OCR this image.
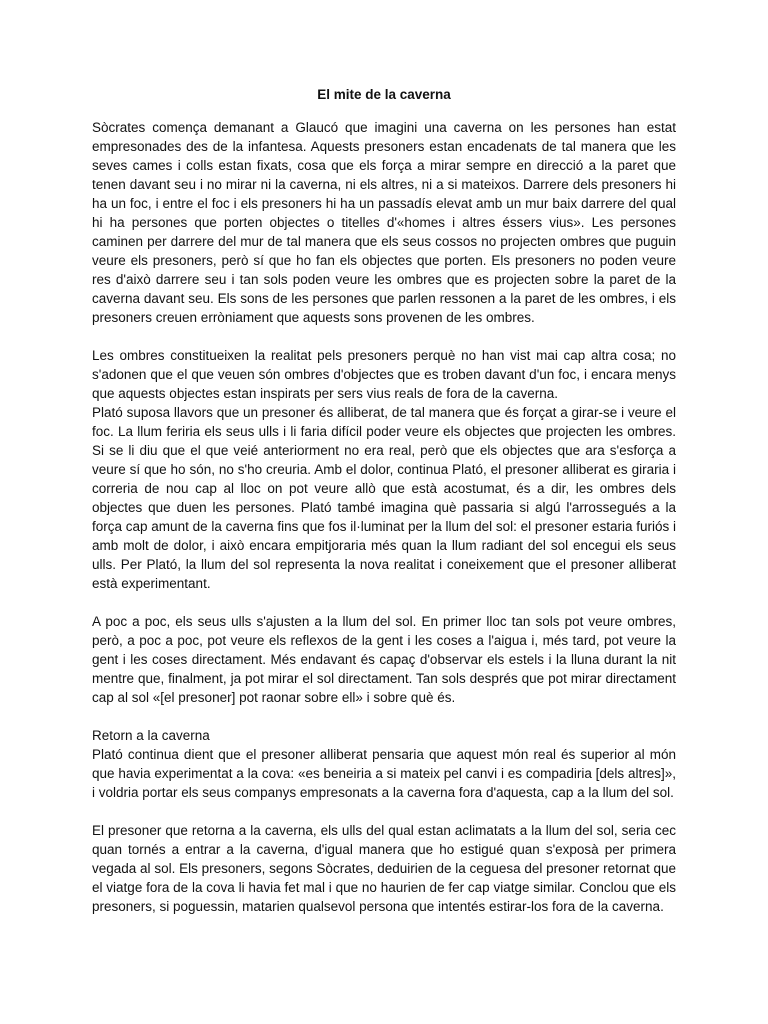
El mite de la caverna

Sòcrates comença demanant a Glaucó que imagini una caverna on les persones han estat empresonades des de la infantesa. Aquests presoners estan encadenats de tal manera que les seves cames i colls estan fixats, cosa que els força a mirar sempre en direcció a la paret que tenen davant seu i no mirar ni la caverna, ni els altres, ni a si mateixos. Darrere dels presoners hi ha un foc, i entre el foc i els presoners hi ha un passadís elevat amb un mur baix darrere del qual hi ha persones que porten objectes o titelles d'«homes i altres éssers vius». Les persones caminen per darrere del mur de tal manera que els seus cossos no projecten ombres que puguin veure els presoners, però sí que ho fan els objectes que porten. Els presoners no poden veure res d'això darrere seu i tan sols poden veure les ombres que es projecten sobre la paret de la caverna davant seu. Els sons de les persones que parlen ressonen a la paret de les ombres, i els presoners creuen erròniament que aquests sons provenen de les ombres.

Les ombres constitueixen la realitat pels presoners perquè no han vist mai cap altra cosa; no s'adonen que el que veuen són ombres d'objectes que es troben davant d'un foc, i encara menys que aquests objectes estan inspirats per sers vius reals de fora de la caverna.

Plató suposa llavors que un presoner és alliberat, de tal manera que és forçat a girar-se i veure el foc. La llum feriria els seus ulls i li faria difícil poder veure els objectes que projecten les ombres. Si se li diu que el que veié anteriorment no era real, però que els objectes que ara s'esforça a veure sí que ho són, no s'ho creuria. Amb el dolor, continua Plató, el presoner alliberat es giraria i correria de nou cap al lloc on pot veure allò que està acostumat, és a dir, les ombres dels objectes que duen les persones. Plató també imagina què passaria si algú l'arrossegués a la força cap amunt de la caverna fins que fos il·luminat per la llum del sol: el presoner estaria furiós i amb molt de dolor, i això encara empitjoraria més quan la llum radiant del sol encegui els seus ulls. Per Plató, la llum del sol representa la nova realitat i coneixement que el presoner alliberat està experimentant.

A poc a poc, els seus ulls s'ajusten a la llum del sol. En primer lloc tan sols pot veure ombres, però, a poc a poc, pot veure els reflexos de la gent i les coses a l'aigua i, més tard, pot veure la gent i les coses directament. Més endavant és capaç d'observar els estels i la lluna durant la nit mentre que, finalment, ja pot mirar el sol directament. Tan sols després que pot mirar directament cap al sol «[el presoner] pot raonar sobre ell» i sobre què és.

Retorn a la caverna

Plató continua dient que el presoner alliberat pensaria que aquest món real és superior al món que havia experimentat a la cova: «es beneiria a si mateix pel canvi i es compadiria [dels altres]», i voldria portar els seus companys empresonats a la caverna fora d'aquesta, cap a la llum del sol.

El presoner que retorna a la caverna, els ulls del qual estan aclimatats a la llum del sol, seria cec quan tornés a entrar a la caverna, d'igual manera que ho estigué quan s'exposà per primera vegada al sol. Els presoners, segons Sòcrates, deduirien de la ceguesa del presoner retornat que el viatge fora de la cova li havia fet mal i que no haurien de fer cap viatge similar. Conclou que els presoners, si poguessin, matarien qualsevol persona que intentés estirar-los fora de la caverna.
